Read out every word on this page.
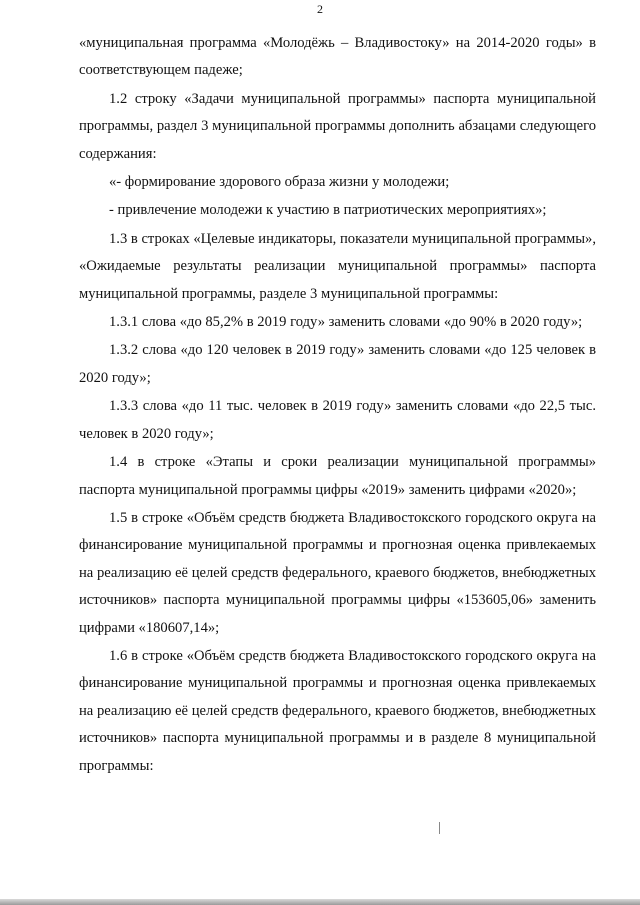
2

«муниципальная программа «Молодёжь – Владивостоку» на 2014-2020 годы» в соответствующем падеже;

1.2 строку «Задачи муниципальной программы» паспорта муниципальной программы, раздел 3 муниципальной программы дополнить абзацами следующего содержания:

«- формирование здорового образа жизни у молодежи;

- привлечение молодежи к участию в патриотических мероприятиях»;

1.3 в строках «Целевые индикаторы, показатели муниципальной программы», «Ожидаемые результаты реализации муниципальной программы» паспорта муниципальной программы, разделе 3 муниципальной программы:

1.3.1 слова «до 85,2% в 2019 году» заменить словами «до 90% в 2020 году»;

1.3.2 слова «до 120 человек в 2019 году» заменить словами «до 125 человек в 2020 году»;

1.3.3 слова «до 11 тыс. человек в 2019 году» заменить словами «до 22,5 тыс. человек в 2020 году»;

1.4 в строке «Этапы и сроки реализации муниципальной программы» паспорта муниципальной программы цифры «2019» заменить цифрами «2020»;

1.5 в строке «Объём средств бюджета Владивостокского городского округа на финансирование муниципальной программы и прогнозная оценка привлекаемых на реализацию её целей средств федерального, краевого бюджетов, внебюджетных источников» паспорта муниципальной программы цифры «153605,06» заменить цифрами «180607,14»;

1.6 в строке «Объём средств бюджета Владивостокского городского округа на финансирование муниципальной программы и прогнозная оценка привлекаемых на реализацию её целей средств федерального, краевого бюджетов, внебюджетных источников» паспорта муниципальной программы и в разделе 8 муниципальной программы:
